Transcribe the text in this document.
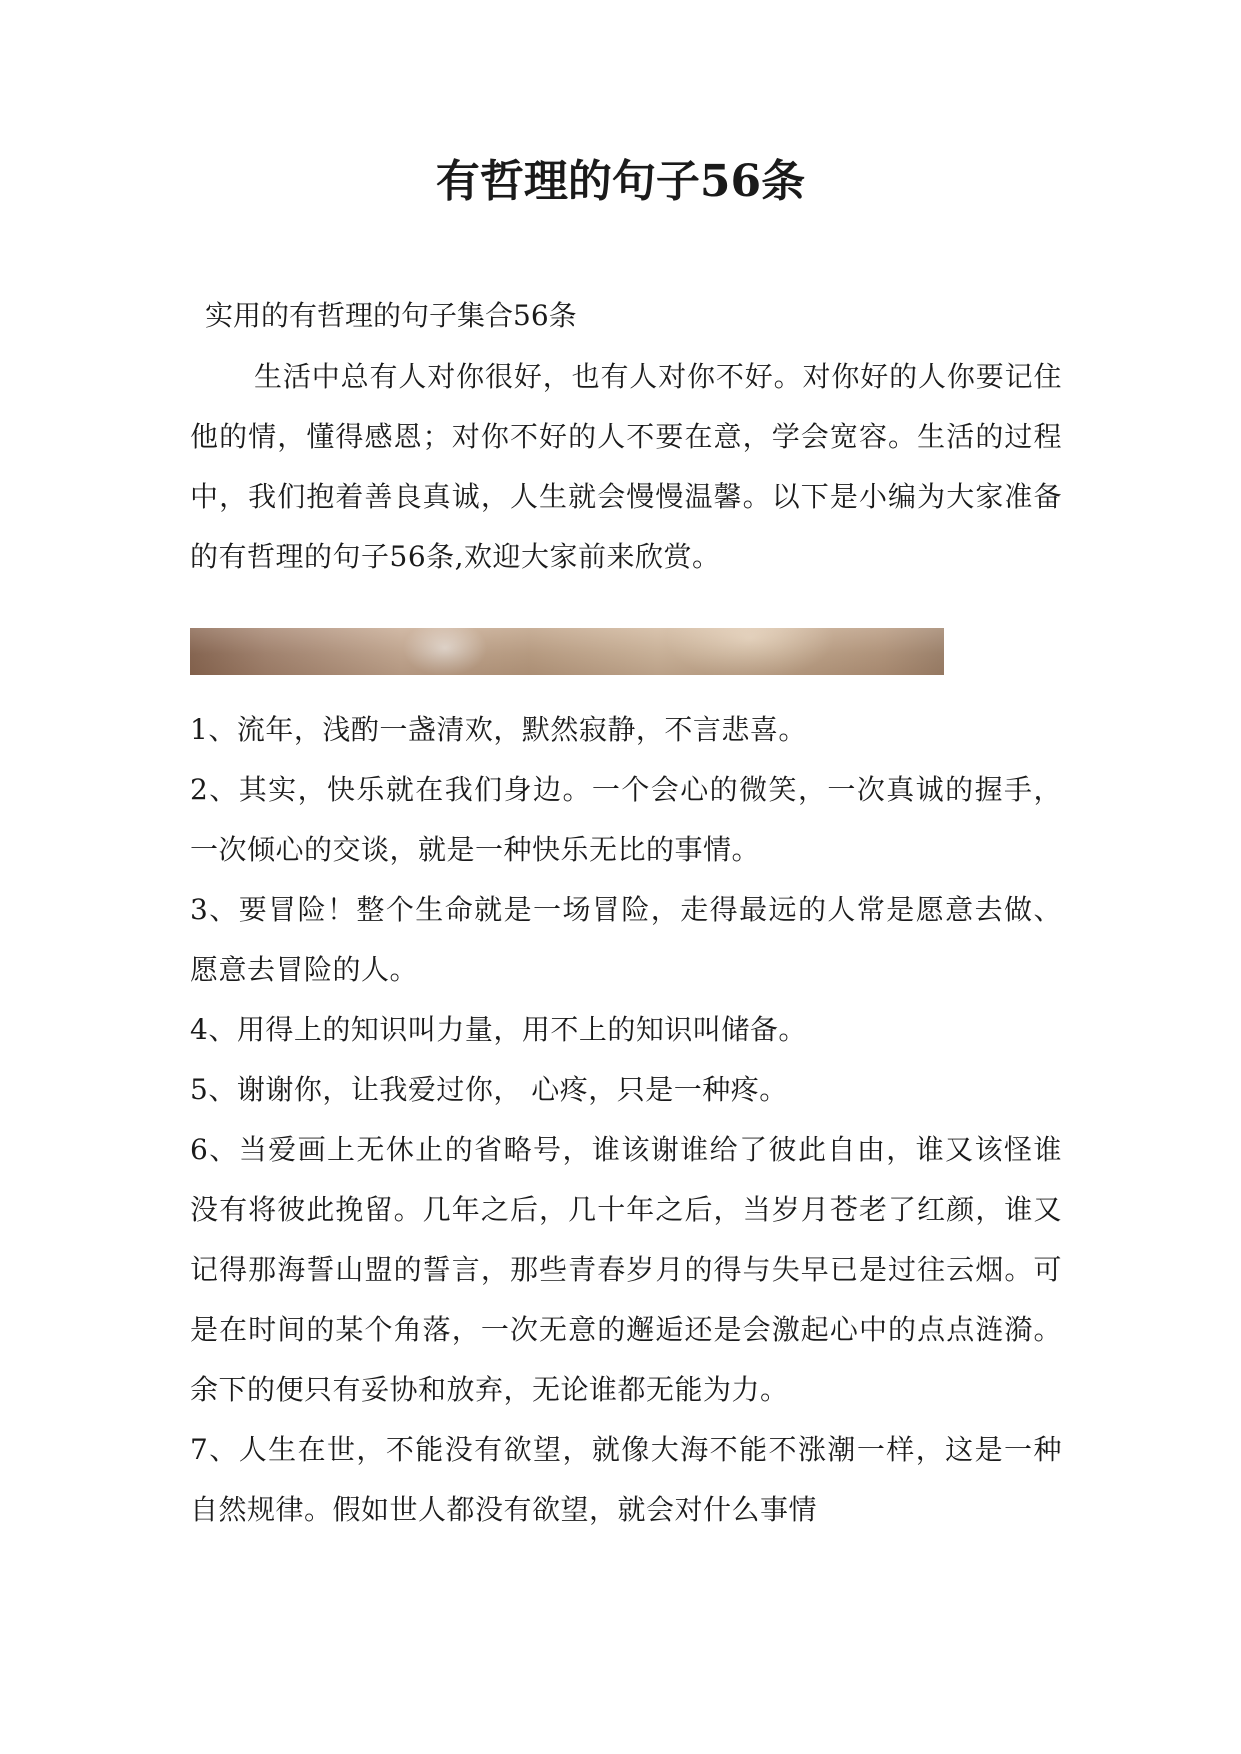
有哲理的句子56条

实用的有哲理的句子集合56条

生活中总有人对你很好，也有人对你不好。对你好的人你要记住他的情，懂得感恩；对你不好的人不要在意，学会宽容。生活的过程中，我们抱着善良真诚，人生就会慢慢温馨。以下是小编为大家准备的有哲理的句子56条,欢迎大家前来欣赏。

1、流年，浅酌一盏清欢，默然寂静，不言悲喜。

2、其实，快乐就在我们身边。一个会心的微笑，一次真诚的握手，一次倾心的交谈，就是一种快乐无比的事情。

3、要冒险！整个生命就是一场冒险，走得最远的人常是愿意去做、愿意去冒险的人。

4、用得上的知识叫力量，用不上的知识叫储备。

5、谢谢你，让我爱过你， 心疼，只是一种疼。

6、当爱画上无休止的省略号，谁该谢谁给了彼此自由，谁又该怪谁没有将彼此挽留。几年之后，几十年之后，当岁月苍老了红颜，谁又记得那海誓山盟的誓言，那些青春岁月的得与失早已是过往云烟。可是在时间的某个角落，一次无意的邂逅还是会激起心中的点点涟漪。余下的便只有妥协和放弃，无论谁都无能为力。

7、人生在世，不能没有欲望，就像大海不能不涨潮一样，这是一种自然规律。假如世人都没有欲望，就会对什么事情
